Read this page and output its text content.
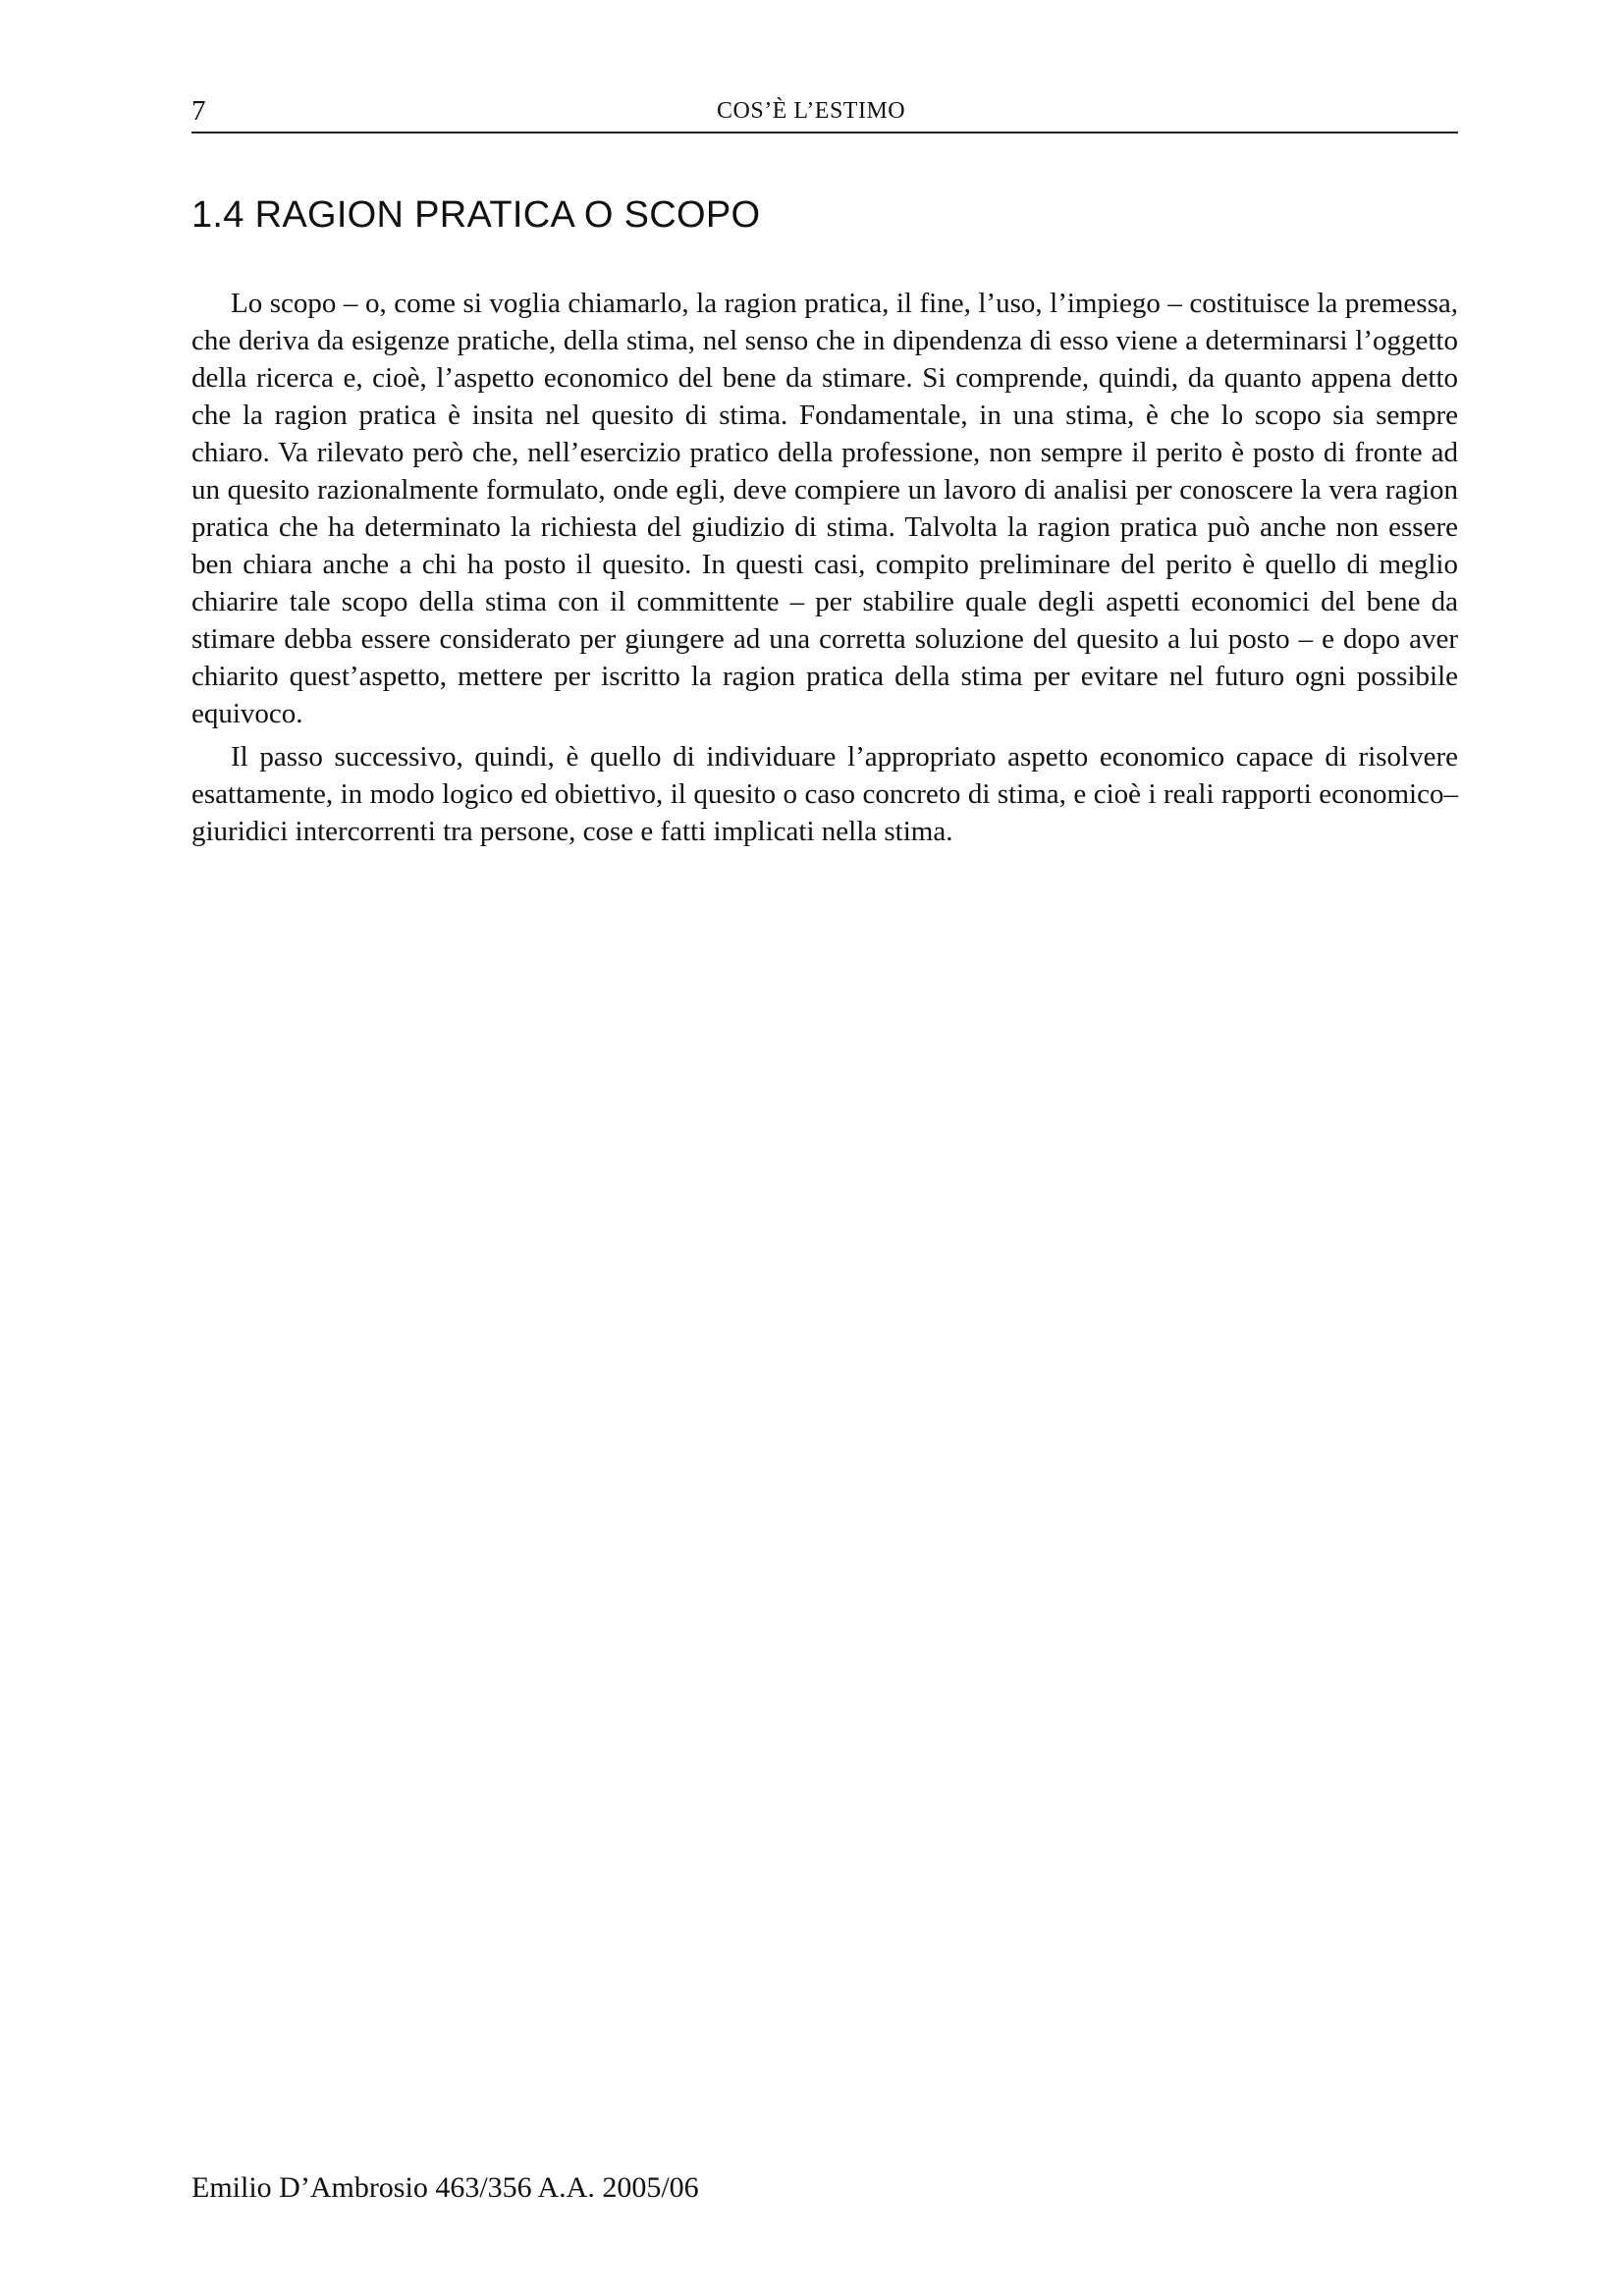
7	COS’È L’ESTIMO
1.4 RAGION PRATICA O SCOPO

Lo scopo – o, come si voglia chiamarlo, la ragion pratica, il fine, l’uso, l’impiego – costituisce la premessa, che deriva da esigenze pratiche, della stima, nel senso che in dipendenza di esso viene a determinarsi l’oggetto della ricerca e, cioè, l’aspetto economico del bene da stimare. Si comprende, quindi, da quanto appena detto che la ragion pratica è insita nel quesito di stima. Fondamentale, in una stima, è che lo scopo sia sempre chiaro. Va rilevato però che, nell’esercizio pratico della professione, non sempre il perito è posto di fronte ad un quesito razionalmente formulato, onde egli, deve compiere un lavoro di analisi per conoscere la vera ragion pratica che ha determinato la richiesta del giudizio di stima. Talvolta la ragion pratica può anche non essere ben chiara anche a chi ha posto il quesito. In questi casi, compito preliminare del perito è quello di meglio chiarire tale scopo della stima con il committente – per stabilire quale degli aspetti economici del bene da stimare debba essere considerato per giungere ad una corretta soluzione del quesito a lui posto – e dopo aver chiarito quest’aspetto, mettere per iscritto la ragion pratica della stima per evitare nel futuro ogni possibile equivoco.

Il passo successivo, quindi, è quello di individuare l’appropriato aspetto economico capace di risolvere esattamente, in modo logico ed obiettivo, il quesito o caso concreto di stima, e cioè i reali rapporti economico–giuridici intercorrenti tra persone, cose e fatti implicati nella stima.

Emilio D’Ambrosio 463/356 A.A. 2005/06
